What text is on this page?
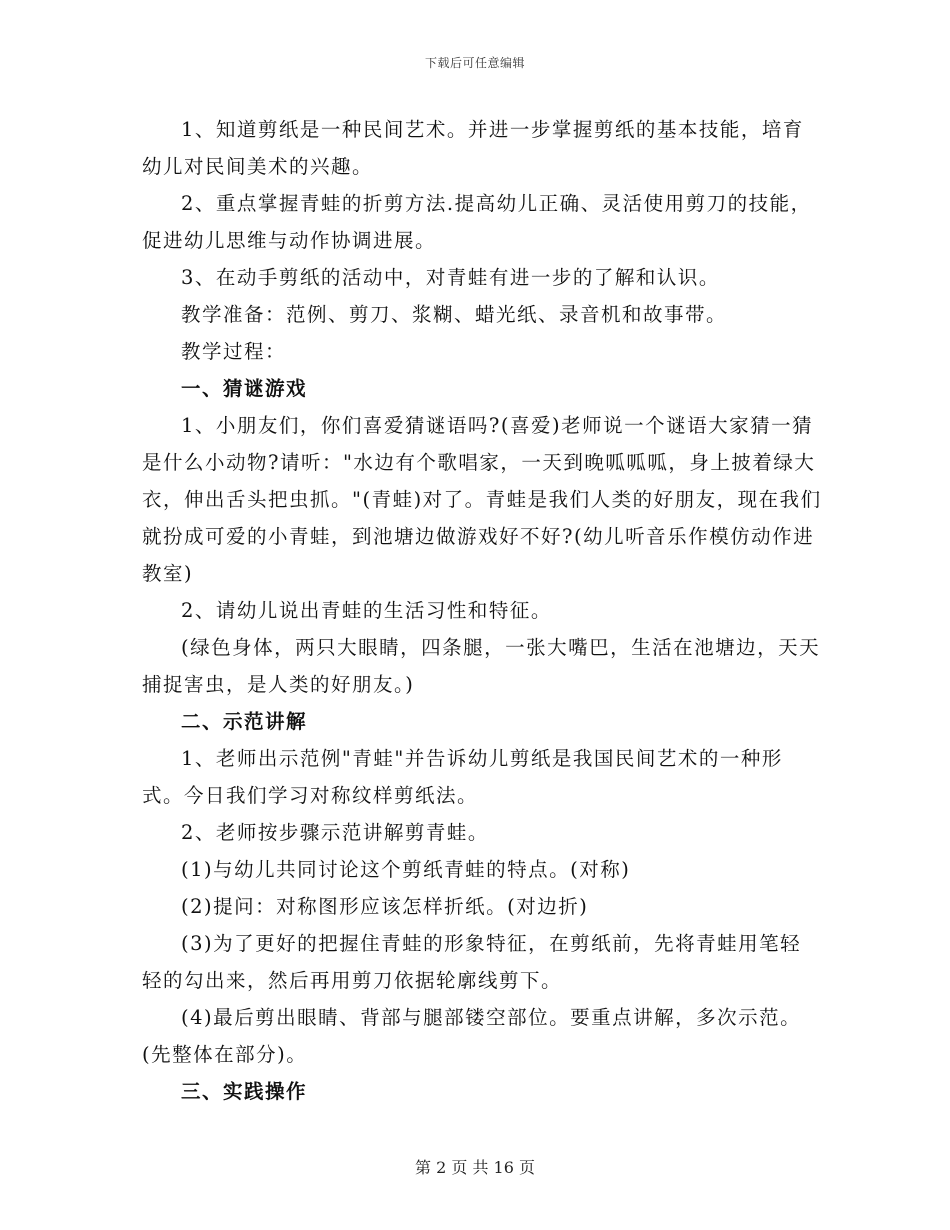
下载后可任意编辑

1、知道剪纸是一种民间艺术。并进一步掌握剪纸的基本技能，培育幼儿对民间美术的兴趣。

2、重点掌握青蛙的折剪方法.提高幼儿正确、灵活使用剪刀的技能，促进幼儿思维与动作协调进展。

3、在动手剪纸的活动中，对青蛙有进一步的了解和认识。

教学准备：范例、剪刀、浆糊、蜡光纸、录音机和故事带。

教学过程：

一、猜谜游戏

1、小朋友们，你们喜爱猜谜语吗?(喜爱)老师说一个谜语大家猜一猜是什么小动物?请听："水边有个歌唱家，一天到晚呱呱呱，身上披着绿大衣，伸出舌头把虫抓。"(青蛙)对了。青蛙是我们人类的好朋友，现在我们就扮成可爱的小青蛙，到池塘边做游戏好不好?(幼儿听音乐作模仿动作进教室)

2、请幼儿说出青蛙的生活习性和特征。

(绿色身体，两只大眼睛，四条腿，一张大嘴巴，生活在池塘边，天天捕捉害虫，是人类的好朋友。)

二、示范讲解

1、老师出示范例"青蛙"并告诉幼儿剪纸是我国民间艺术的一种形式。今日我们学习对称纹样剪纸法。

2、老师按步骤示范讲解剪青蛙。

(1)与幼儿共同讨论这个剪纸青蛙的特点。(对称)

(2)提问：对称图形应该怎样折纸。(对边折)

(3)为了更好的把握住青蛙的形象特征，在剪纸前，先将青蛙用笔轻轻的勾出来，然后再用剪刀依据轮廓线剪下。

(4)最后剪出眼睛、背部与腿部镂空部位。要重点讲解，多次示范。(先整体在部分)。

三、实践操作

第 2 页 共 16 页
